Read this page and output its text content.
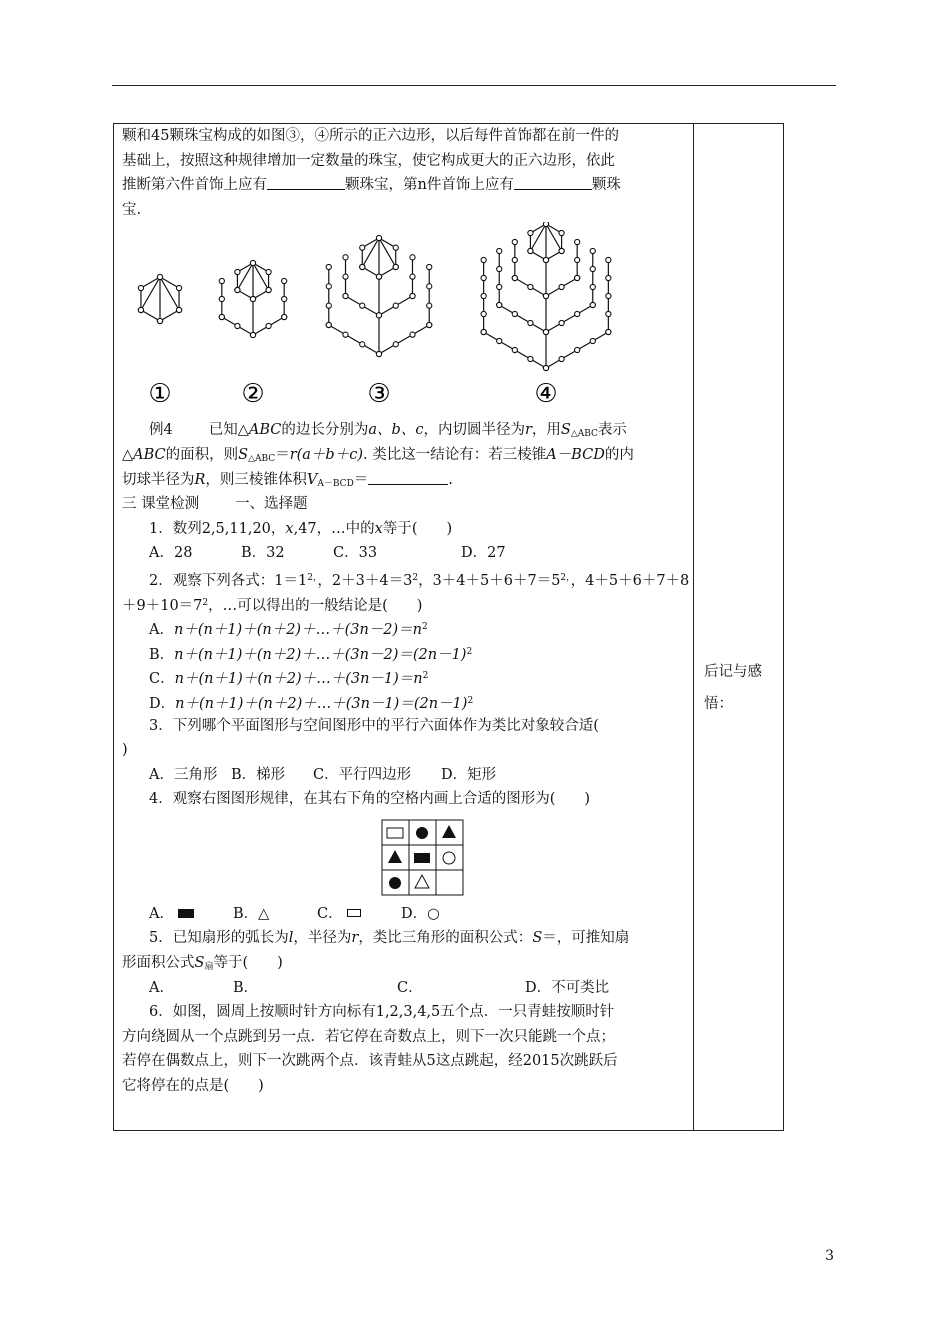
颗和45颗珠宝构成的如图③，④所示的正六边形，以后每件首饰都在前一件的
基础上，按照这种规律增加一定数量的珠宝，使它构成更大的正六边形，依此
推断第六件首饰上应有	颗珠宝，第n件首饰上应有	颗珠
宝.
①	②	③	④
例4 已知△ABC的边长分别为a、b、c，内切圆半径为r，用$S_{\triangle ABC}$表示
△ABC的面积，则$S_{\triangle ABC}=r(a+b+c)$. 类比这一结论有：若三棱锥A－BCD的内
切球半径为R，则三棱锥体积$V_{A-BCD}=$	.
三 课堂检测 一、选择题
1．数列2,5,11,20，x,47，…中的x等于(　　)
A．28	B．32	C．33	D．27
2．观察下列各式：$1=1^{2,}$，$2+3+4=3^2$，$3+4+5+6+7=5^{2,}$，4＋5＋6＋7＋8
$+9+10=7^2$，…可以得出的一般结论是(　　)
A．$n+(n+1)+(n+2)+\dots+(3n-2)=n^2$
B．$n+(n+1)+(n+2)+\dots+(3n-2)=(2n-1)^2$
C．$n+(n+1)+(n+2)+\dots+(3n-1)=n^2$
D．$n+(n+1)+(n+2)+\dots+(3n-1)=(2n-1)^2$
3．下列哪个平面图形与空间图形中的平行六面体作为类比对象较合适(
)
A．三角形 B．梯形 C．平行四边形 D．矩形
4．观察右图图形规律，在其右下角的空格内画上合适的图形为(　　)
A．	B．△	C．	D．○
5．已知扇形的弧长为l，半径为r，类比三角形的面积公式：S＝，可推知扇
形面积公式$S_扇$等于(　　)
A．	B．	C．	D．不可类比
6．如图，圆周上按顺时针方向标有1,2,3,4,5五个点．一只青蛙按顺时针
方向绕圆从一个点跳到另一点．若它停在奇数点上，则下一次只能跳一个点；
若停在偶数点上，则下一次跳两个点．该青蛙从5这点跳起，经2015次跳跃后
它将停在的点是(　　)
后记与感
悟：
3
